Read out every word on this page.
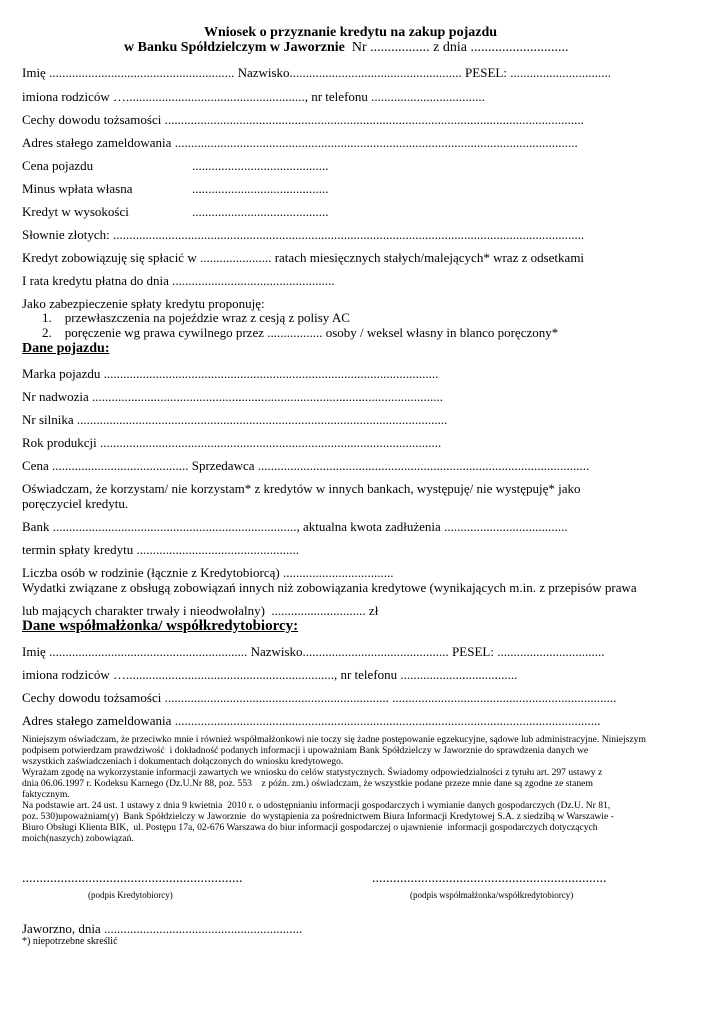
Wniosek o przyznanie kredytu na zakup pojazdu
w Banku Spółdzielczym w Jaworznie  Nr ................. z dnia ............................
Imię ......................................................... Nazwisko..................................................... PESEL: ...............................
imiona rodziców …......................................................., nr telefonu ...................................
Cechy dowodu tożsamości .................................................................................................................................
Adres stałego zameldowania ............................................................................................................................
Cena pojazdu	..........................................
Minus wpłata własna	..........................................
Kredyt w wysokości	..........................................
Słownie złotych: .................................................................................................................................................
Kredyt zobowiązuję się spłacić w ...................... ratach miesięcznych stałych/malejących* wraz z odsetkami
I rata kredytu płatna do dnia ..................................................
Jako zabezpieczenie spłaty kredytu proponuję:
1.    przewłaszczenia na pojeździe wraz z cesją z polisy AC
2.    poręczenie wg prawa cywilnego przez ................. osoby / weksel własny in blanco poręczony*
Dane pojazdu:
Marka pojazdu .......................................................................................................
Nr nadwozia ............................................................................................................
Nr silnika ..................................................................................................................
Rok produkcji .........................................................................................................
Cena .......................................... Sprzedawca ......................................................................................................
Oświadczam, że korzystam/ nie korzystam* z kredytów w innych bankach, występuję/ nie występuję* jako
poręczyciel kredytu.
Bank ..........................................................................., aktualna kwota zadłużenia ......................................
termin spłaty kredytu ..................................................
Liczba osób w rodzinie (łącznie z Kredytobiorcą) ..................................
Wydatki związane z obsługą zobowiązań innych niż zobowiązania kredytowe (wynikających m.in. z przepisów prawa
lub mających charakter trwały i nieodwołalny)  ............................. zł
Dane współmałżonka/ współkredytobiorcy:
Imię ............................................................. Nazwisko............................................. PESEL: .................................
imiona rodziców …................................................................, nr telefonu ....................................
Cechy dowodu tożsamości ..................................................................... .....................................................................
Adres stałego zameldowania ...................................................................................................................................
Niniejszym oświadczam, że przeciwko mnie i również współmałżonkowi nie toczy się żadne postępowanie egzekucyjne, sądowe lub administracyjne. Niniejszym
podpisem potwierdzam prawdziwość  i dokładność podanych informacji i upoważniam Bank Spółdzielczy w Jaworznie do sprawdzenia danych we
wszystkich zaświadczeniach i dokumentach dołączonych do wniosku kredytowego.
Wyrażam zgodę na wykorzystanie informacji zawartych we wniosku do celów statystycznych. Świadomy odpowiedzialności z tytułu art. 297 ustawy z
dnia 06.06.1997 r. Kodeksu Karnego (Dz.U.Nr 88, poz. 553    z późn. zm.) oświadczam, że wszystkie podane przeze mnie dane są zgodne ze stanem
faktycznym.
Na podstawie art. 24 ust. 1 ustawy z dnia 9 kwietnia  2010 r. o udostępnianiu informacji gospodarczych i wymianie danych gospodarczych (Dz.U. Nr 81,
poz. 530)upoważniam(y)  Bank Spółdzielczy w Jaworznie  do wystąpienia za pośrednictwem Biura Informacji Kredytowej S.A. z siedzibą w Warszawie -
Biuro Obsługi Klienta BIK,  ul. Postępu 17a, 02-676 Warszawa do biur informacji gospodarczej o ujawnienie  informacji gospodarczych dotyczących
moich(naszych) zobowiązań.
...............................................................	...................................................................
(podpis Kredytobiorcy)	(podpis współmałżonka/współkredytobiorcy)
Jaworzno, dnia .............................................................
*) niepotrzebne skreślić
